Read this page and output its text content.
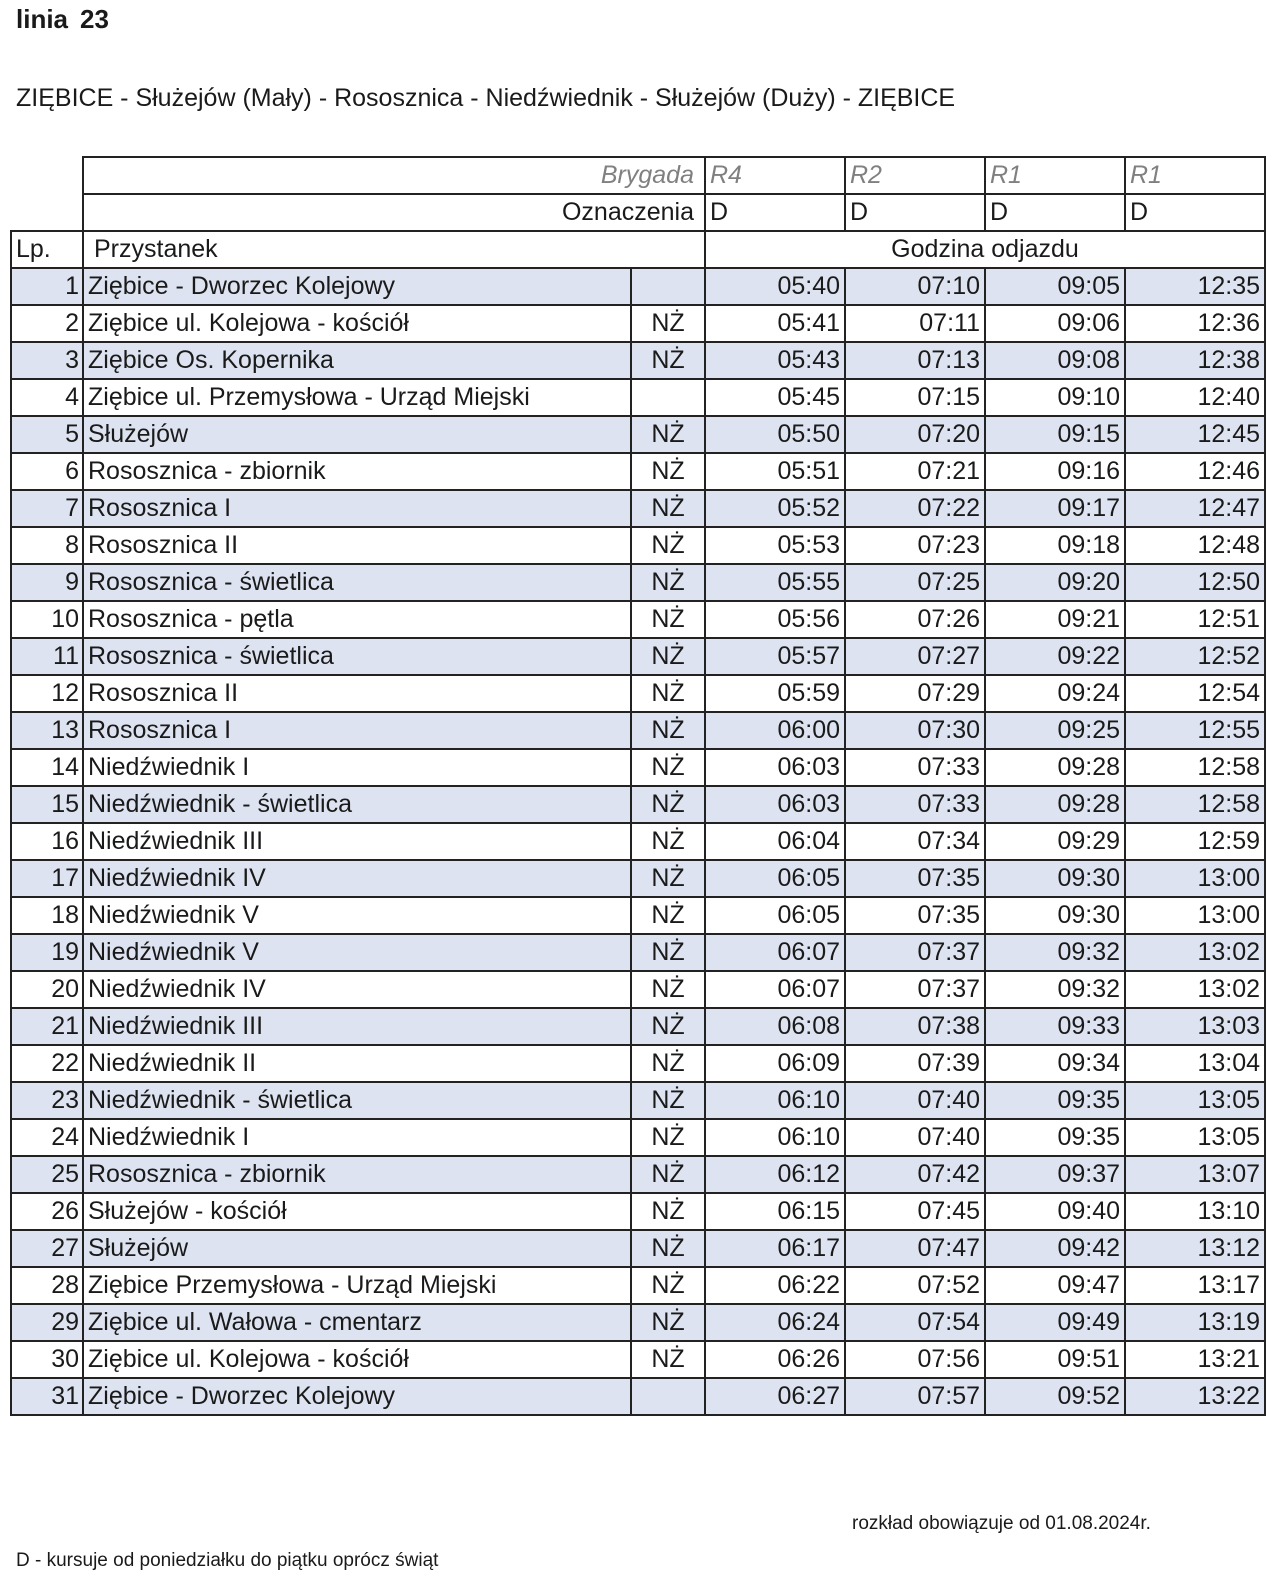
linia 23
ZIĘBICE - Służejów (Mały) - Rososznica - Niedźwiednik - Służejów (Duży) - ZIĘBICE
	Brygada		R4	R2	R1	R1
	Oznaczenia		D	D	D	D
Lp.	Przystanek		Godzina odjazdu			
1	Ziębice - Dworzec Kolejowy		05:40	07:10	09:05	12:35
2	Ziębice ul. Kolejowa - kościół	NŻ	05:41	07:11	09:06	12:36
3	Ziębice Os. Kopernika	NŻ	05:43	07:13	09:08	12:38
4	Ziębice ul. Przemysłowa - Urząd Miejski		05:45	07:15	09:10	12:40
5	Służejów	NŻ	05:50	07:20	09:15	12:45
6	Rososznica - zbiornik	NŻ	05:51	07:21	09:16	12:46
7	Rososznica I	NŻ	05:52	07:22	09:17	12:47
8	Rososznica II	NŻ	05:53	07:23	09:18	12:48
9	Rososznica - świetlica	NŻ	05:55	07:25	09:20	12:50
10	Rososznica - pętla	NŻ	05:56	07:26	09:21	12:51
11	Rososznica - świetlica	NŻ	05:57	07:27	09:22	12:52
12	Rososznica II	NŻ	05:59	07:29	09:24	12:54
13	Rososznica I	NŻ	06:00	07:30	09:25	12:55
14	Niedźwiednik I	NŻ	06:03	07:33	09:28	12:58
15	Niedźwiednik - świetlica	NŻ	06:03	07:33	09:28	12:58
16	Niedźwiednik III	NŻ	06:04	07:34	09:29	12:59
17	Niedźwiednik IV	NŻ	06:05	07:35	09:30	13:00
18	Niedźwiednik V	NŻ	06:05	07:35	09:30	13:00
19	Niedźwiednik V	NŻ	06:07	07:37	09:32	13:02
20	Niedźwiednik IV	NŻ	06:07	07:37	09:32	13:02
21	Niedźwiednik III	NŻ	06:08	07:38	09:33	13:03
22	Niedźwiednik II	NŻ	06:09	07:39	09:34	13:04
23	Niedźwiednik - świetlica	NŻ	06:10	07:40	09:35	13:05
24	Niedźwiednik I	NŻ	06:10	07:40	09:35	13:05
25	Rososznica - zbiornik	NŻ	06:12	07:42	09:37	13:07
26	Służejów - kościół	NŻ	06:15	07:45	09:40	13:10
27	Służejów	NŻ	06:17	07:47	09:42	13:12
28	Ziębice Przemysłowa - Urząd Miejski	NŻ	06:22	07:52	09:47	13:17
29	Ziębice ul. Wałowa - cmentarz	NŻ	06:24	07:54	09:49	13:19
30	Ziębice ul. Kolejowa - kościół	NŻ	06:26	07:56	09:51	13:21
31	Ziębice - Dworzec Kolejowy		06:27	07:57	09:52	13:22
rozkład obowiązuje od 01.08.2024r.
D - kursuje od poniedziałku do piątku oprócz świąt
